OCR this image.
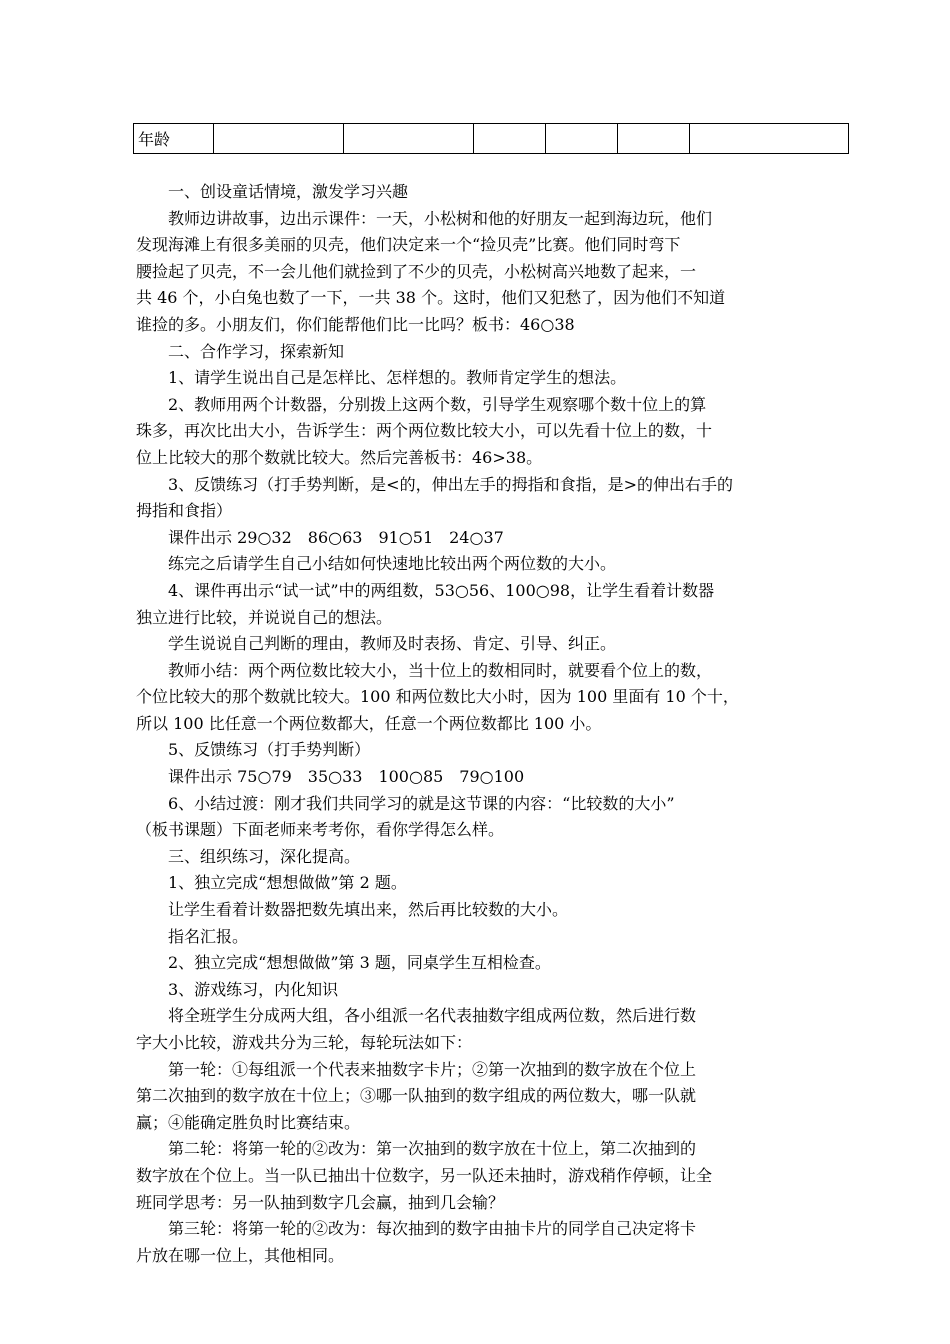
年龄						

一、创设童话情境，激发学习兴趣

教师边讲故事，边出示课件：一天，小松树和他的好朋友一起到海边玩，他们

发现海滩上有很多美丽的贝壳，他们决定来一个“捡贝壳”比赛。他们同时弯下

腰捡起了贝壳，不一会儿他们就捡到了不少的贝壳，小松树高兴地数了起来，一

共 46 个，小白兔也数了一下，一共 38 个。这时，他们又犯愁了，因为他们不知道

谁捡的多。小朋友们，你们能帮他们比一比吗？板书：46○38

二、合作学习，探索新知

1、请学生说出自己是怎样比、怎样想的。教师肯定学生的想法。

2、教师用两个计数器，分别拨上这两个数，引导学生观察哪个数十位上的算

珠多，再次比出大小，告诉学生：两个两位数比较大小，可以先看十位上的数，十

位上比较大的那个数就比较大。然后完善板书：46>38。

3、反馈练习（打手势判断，是<的，伸出左手的拇指和食指，是>的伸出右手的

拇指和食指）

课件出示 29○32　86○63　91○51　24○37

练完之后请学生自己小结如何快速地比较出两个两位数的大小。

4、课件再出示“试一试”中的两组数，53○56、100○98，让学生看着计数器

独立进行比较，并说说自己的想法。

学生说说自己判断的理由，教师及时表扬、肯定、引导、纠正。

教师小结：两个两位数比较大小，当十位上的数相同时，就要看个位上的数，

个位比较大的那个数就比较大。100 和两位数比大小时，因为 100 里面有 10 个十，

所以 100 比任意一个两位数都大，任意一个两位数都比 100 小。

5、反馈练习（打手势判断）

课件出示 75○79　35○33　100○85　79○100

6、小结过渡：刚才我们共同学习的就是这节课的内容：“比较数的大小”

（板书课题）下面老师来考考你，看你学得怎么样。

三、组织练习，深化提高。

1、独立完成“想想做做”第 2 题。

让学生看着计数器把数先填出来，然后再比较数的大小。

指名汇报。

2、独立完成“想想做做”第 3 题，同桌学生互相检查。

3、游戏练习，内化知识

将全班学生分成两大组，各小组派一名代表抽数字组成两位数，然后进行数

字大小比较，游戏共分为三轮，每轮玩法如下：

第一轮：①每组派一个代表来抽数字卡片；②第一次抽到的数字放在个位上

第二次抽到的数字放在十位上；③哪一队抽到的数字组成的两位数大，哪一队就

赢；④能确定胜负时比赛结束。

第二轮：将第一轮的②改为：第一次抽到的数字放在十位上，第二次抽到的

数字放在个位上。当一队已抽出十位数字，另一队还未抽时，游戏稍作停顿，让全

班同学思考：另一队抽到数字几会赢，抽到几会输？

第三轮：将第一轮的②改为：每次抽到的数字由抽卡片的同学自己决定将卡

片放在哪一位上，其他相同。
